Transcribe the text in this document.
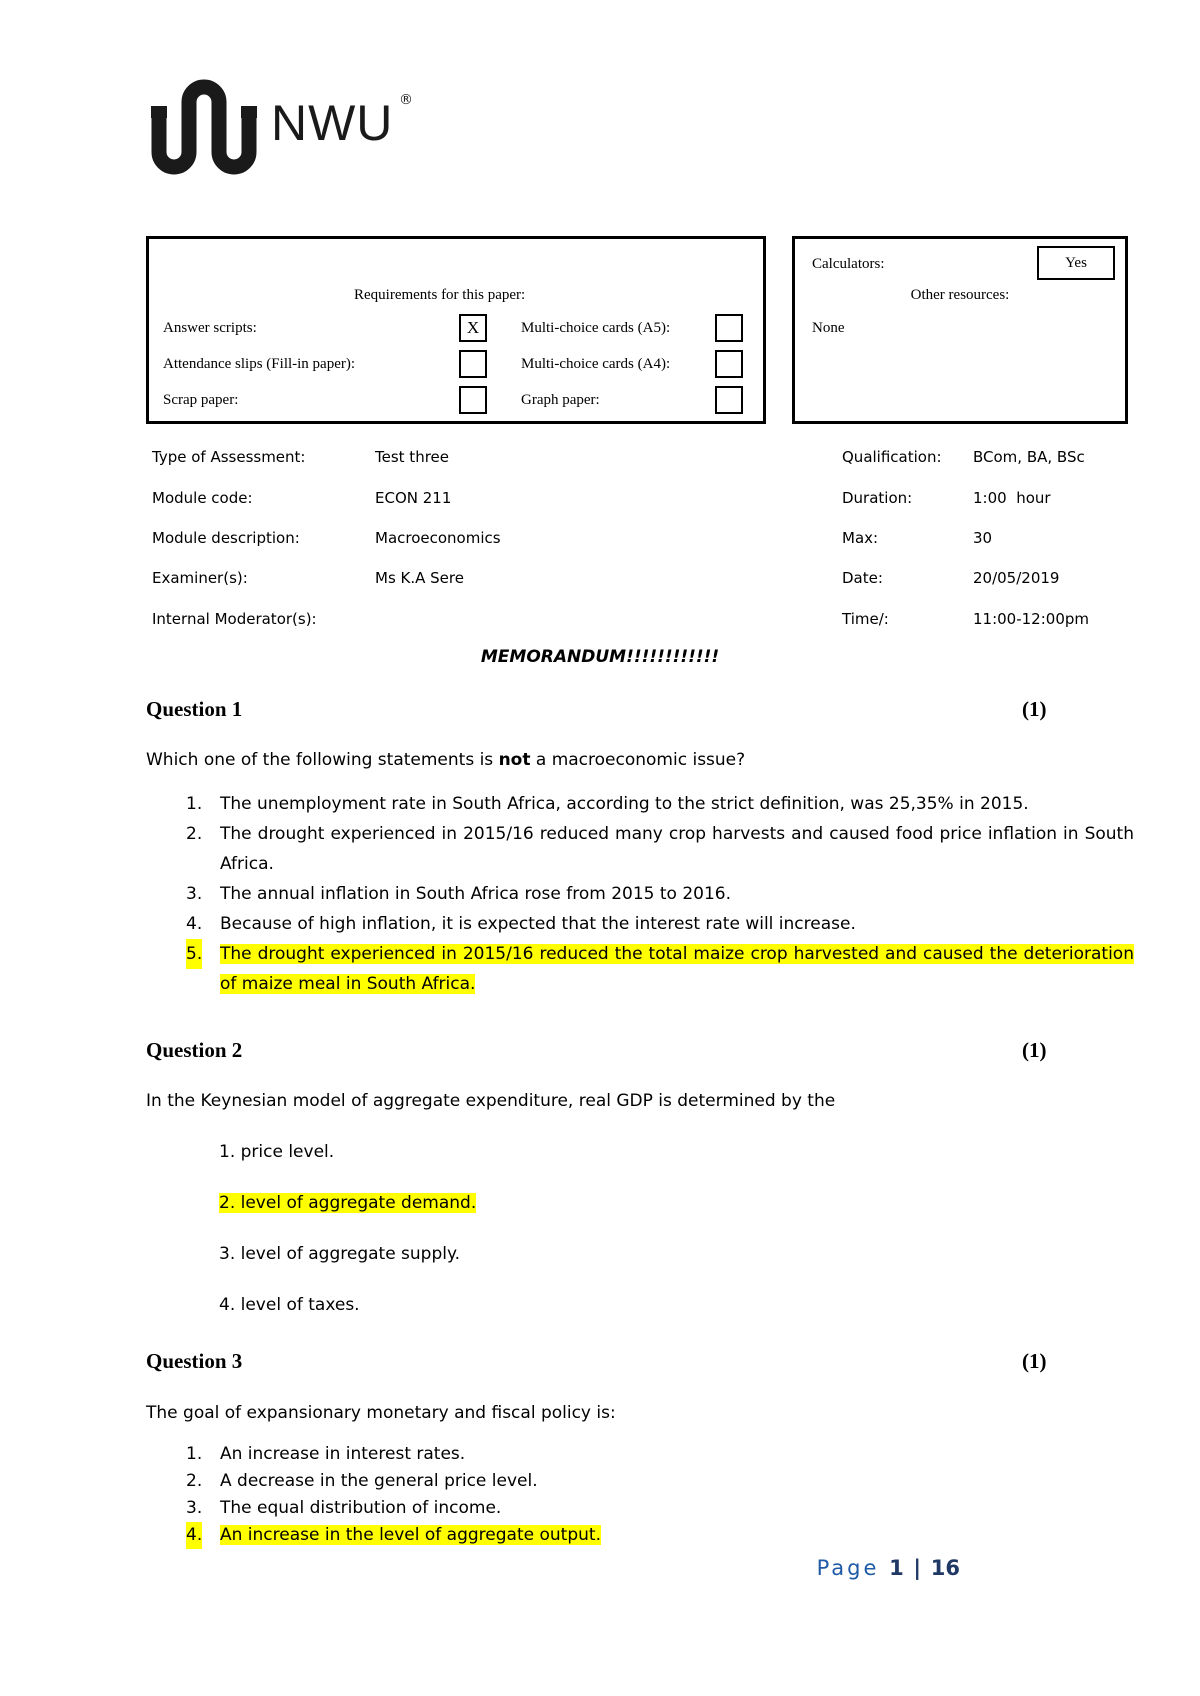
NWU ®
Requirements for this paper:
Answer scripts:	X
Attendance slips (Fill-in paper):
Scrap paper:
Multi-choice cards (A5):
Multi-choice cards (A4):
Graph paper:
Calculators:	Yes
Other resources:
None
Type of Assessment:	Test three
Module code:	ECON 211
Module description:	Macroeconomics
Examiner(s):	Ms K.A Sere
Internal Moderator(s):
Qualification: BCom, BA, BSc
Duration:	1:00  hour
Max:	30
Date:	20/05/2019
Time/:	11:00-12:00pm
MEMORANDUM!!!!!!!!!!!!
Question 1	(1)
Which one of the following statements is not a macroeconomic issue?
1. The unemployment rate in South Africa, according to the strict definition, was 25,35% in 2015.
2. The drought experienced in 2015/16 reduced many crop harvests and caused food price inflation in South Africa.
3. The annual inflation in South Africa rose from 2015 to 2016.
4. Because of high inflation, it is expected that the interest rate will increase.
5. The drought experienced in 2015/16 reduced the total maize crop harvested and caused the deterioration of maize meal in South Africa.
Question 2	(1)
In the Keynesian model of aggregate expenditure, real GDP is determined by the
1. price level.
2. level of aggregate demand.
3. level of aggregate supply.
4. level of taxes.
Question 3	(1)
The goal of expansionary monetary and fiscal policy is:
1. An increase in interest rates.
2. A decrease in the general price level.
3. The equal distribution of income.
4. An increase in the level of aggregate output.
Page 1 | 16
